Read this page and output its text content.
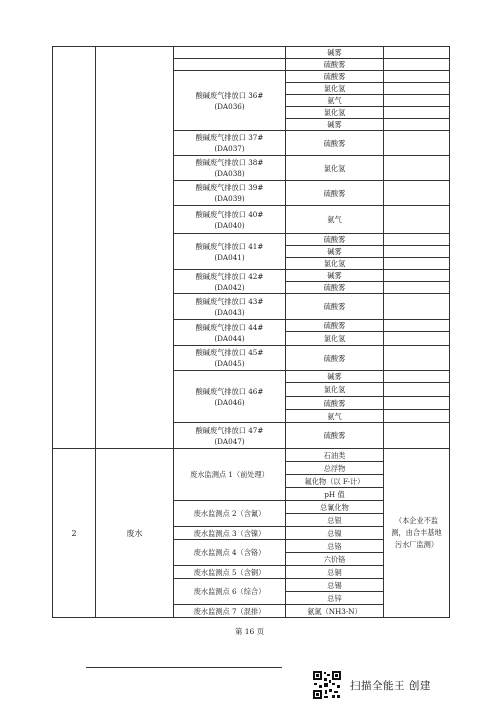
			碱雾	
			硫酸雾	
		酸碱废气排放口 36#
(DA036)	硫酸雾	
			氯化氢	
			氨气	
			氯化氢	
			碱雾	
		酸碱废气排放口 37#
(DA037)	硫酸雾	
		酸碱废气排放口 38#
(DA038)	氯化氢	
		酸碱废气排放口 39#
(DA039)	硫酸雾	
		酸碱废气排放口 40#
(DA040)	氨气	
		酸碱废气排放口 41#
(DA041)	硫酸雾	
			碱雾	
			氯化氢	
		酸碱废气排放口 42#
(DA042)	碱雾	
			硫酸雾	
		酸碱废气排放口 43#
(DA043)	硫酸雾	
		酸碱废气排放口 44#
(DA044)	硫酸雾	
			氯化氢	
		酸碱废气排放口 45#
(DA045)	硫酸雾	
		酸碱废气排放口 46#
(DA046)	碱雾	
			氯化氢	
			硫酸雾	
			氨气	
		酸碱废气排放口 47#
(DA047)	硫酸雾	
2	废水	废水监测点 1（前处理）	石油类	（本企业不监测，由合丰基地污水厂监测）
			总浮物	
			氟化物（以 F-计）	
			pH 值	
		废水监测点 2（含氰）	总氰化物	
			总银	
		废水监测点 3（含镍）	总镍	
		废水监测点 4（含铬）	总铬	
			六价铬	
		废水监测点 5（含铜）	总铜	
		废水监测点 6（综合）	总锡	
			总锌	
		废水监测点 7（混排）	氨氮（NH3-N）	
第 16 页
扫描全能王 创建
